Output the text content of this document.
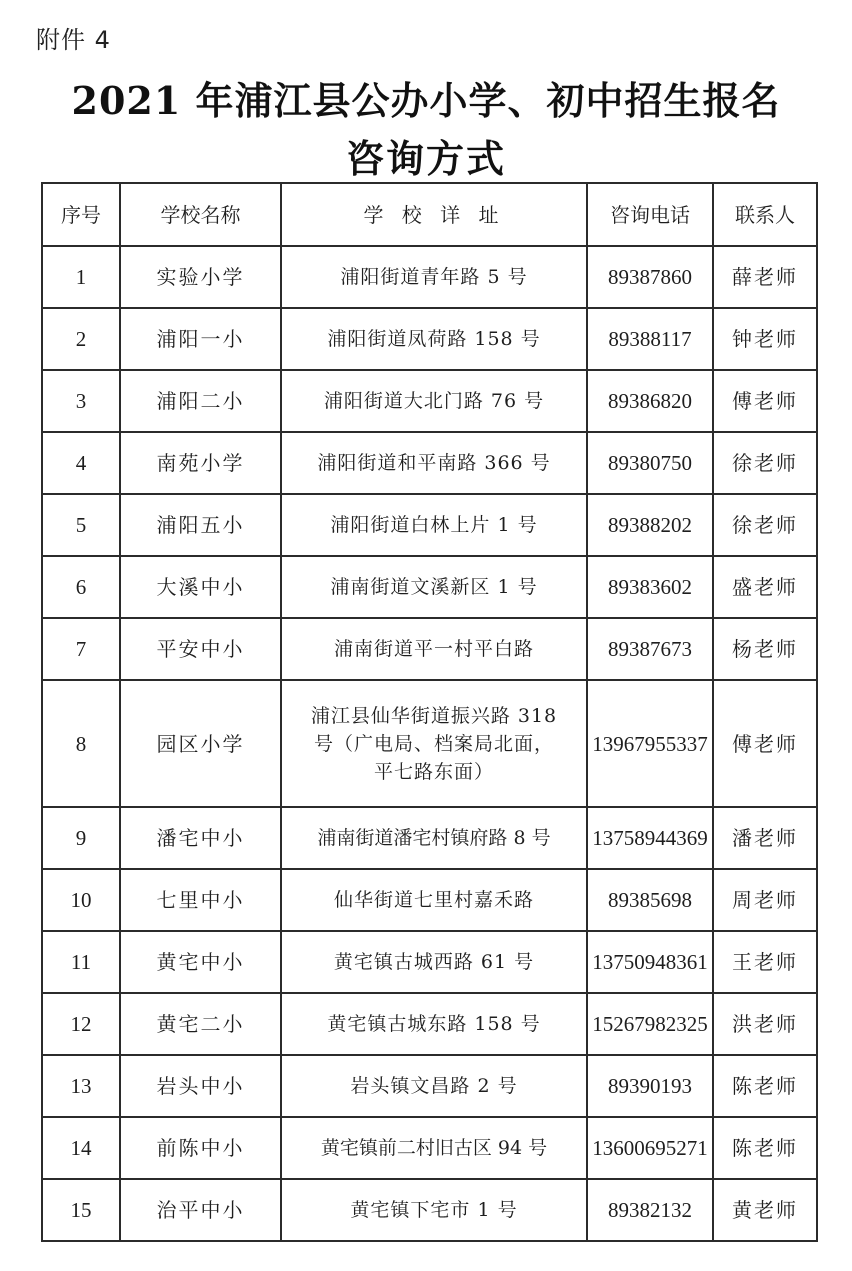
附件 4
2021 年浦江县公办小学、初中招生报名
咨询方式
序号	学校名称	学 校 详 址	咨询电话	联系人
1	实验小学	浦阳街道青年路 5 号	89387860	薛老师
2	浦阳一小	浦阳街道凤荷路 158 号	89388117	钟老师
3	浦阳二小	浦阳街道大北门路 76 号	89386820	傅老师
4	南苑小学	浦阳街道和平南路 366 号	89380750	徐老师
5	浦阳五小	浦阳街道白林上片 1 号	89388202	徐老师
6	大溪中小	浦南街道文溪新区 1 号	89383602	盛老师
7	平安中小	浦南街道平一村平白路	89387673	杨老师
8	园区小学	浦江县仙华街道振兴路 318
号（广电局、档案局北面，
平七路东面）	13967955337	傅老师
9	潘宅中小	浦南街道潘宅村镇府路 8 号	13758944369	潘老师
10	七里中小	仙华街道七里村嘉禾路	89385698	周老师
11	黄宅中小	黄宅镇古城西路 61 号	13750948361	王老师
12	黄宅二小	黄宅镇古城东路 158 号	15267982325	洪老师
13	岩头中小	岩头镇文昌路 2 号	89390193	陈老师
14	前陈中小	黄宅镇前二村旧古区 94 号	13600695271	陈老师
15	治平中小	黄宅镇下宅市 1 号	89382132	黄老师
